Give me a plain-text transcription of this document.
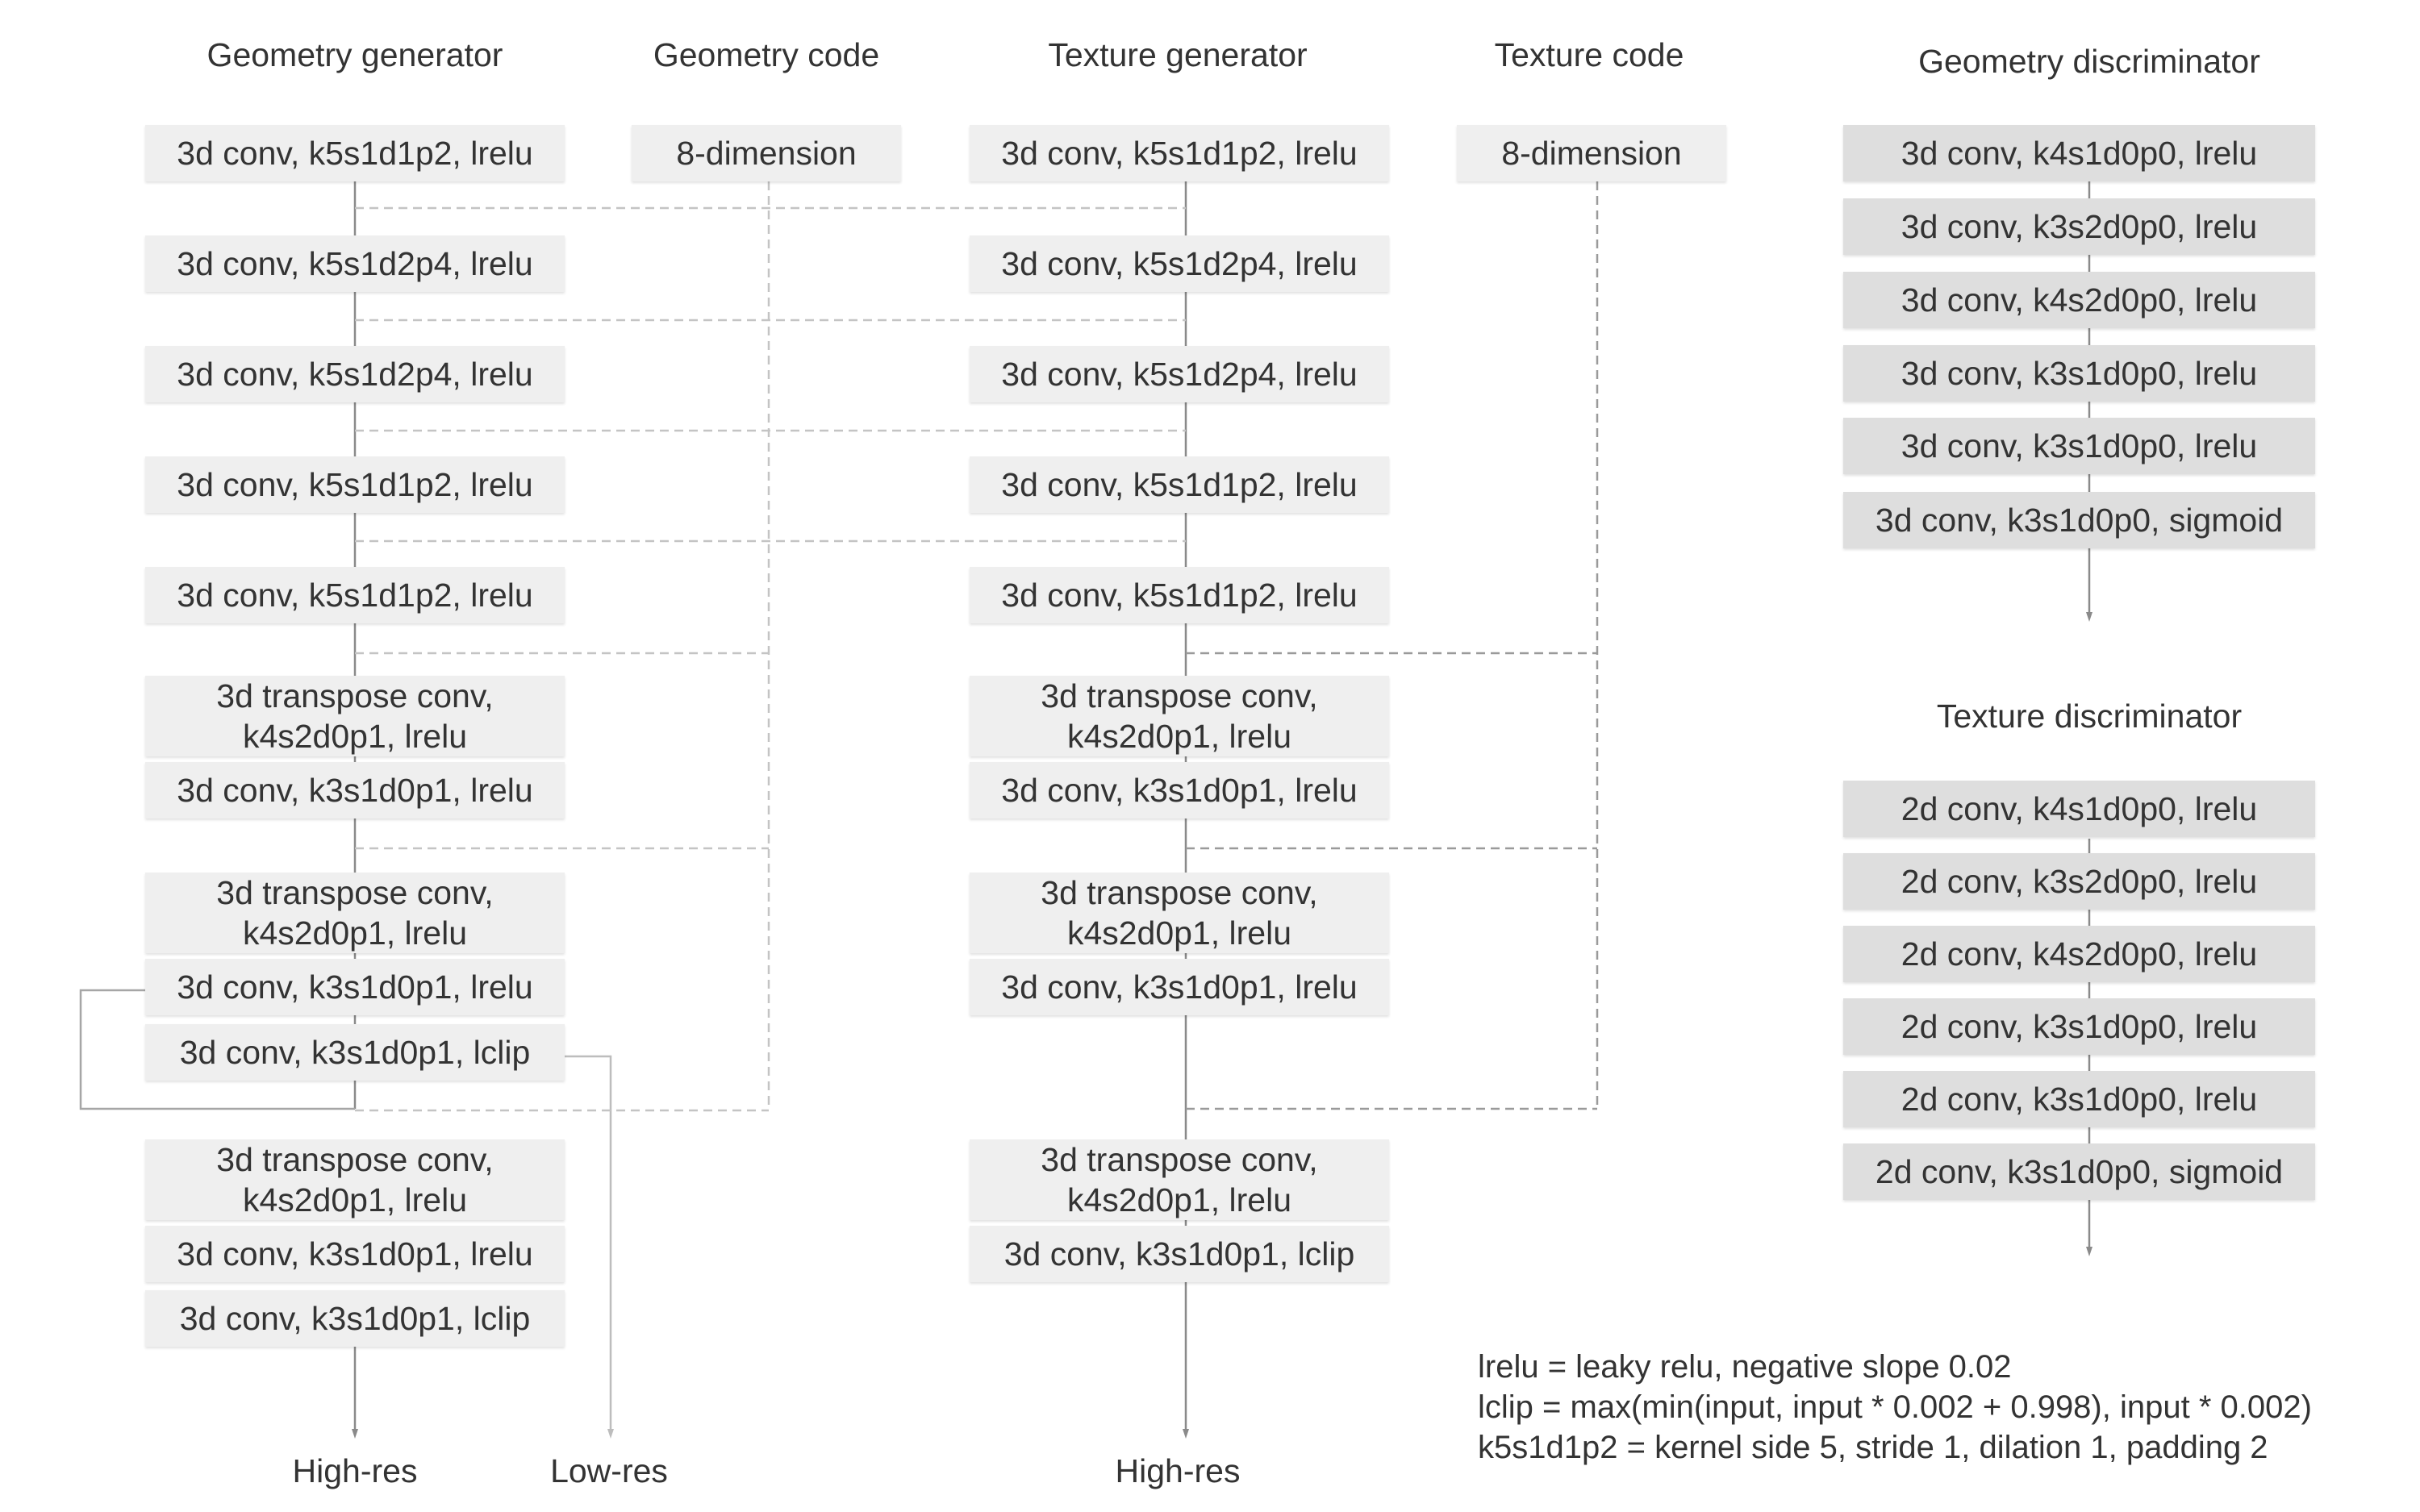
3d conv, k5s1d1p2, lrelu
3d conv, k5s1d2p4, lrelu
3d conv, k5s1d2p4, lrelu
3d conv, k5s1d1p2, lrelu
3d conv, k5s1d1p2, lrelu
3d transpose conv,
k4s2d0p1, lrelu
3d conv, k3s1d0p1, lrelu
3d transpose conv,
k4s2d0p1, lrelu
3d conv, k3s1d0p1, lrelu
3d conv, k3s1d0p1, lclip
3d transpose conv,
k4s2d0p1, lrelu
3d conv, k3s1d0p1, lrelu
3d conv, k3s1d0p1, lclip
3d conv, k5s1d1p2, lrelu
3d conv, k5s1d2p4, lrelu
3d conv, k5s1d2p4, lrelu
3d conv, k5s1d1p2, lrelu
3d conv, k5s1d1p2, lrelu
3d transpose conv,
k4s2d0p1, lrelu
3d conv, k3s1d0p1, lrelu
3d transpose conv,
k4s2d0p1, lrelu
3d conv, k3s1d0p1, lrelu
3d transpose conv,
k4s2d0p1, lrelu
3d conv, k3s1d0p1, lclip
8-dimension	8-dimension	3d conv, k4s1d0p0, lrelu
3d conv, k3s2d0p0, lrelu
3d conv, k4s2d0p0, lrelu
3d conv, k3s1d0p0, lrelu
3d conv, k3s1d0p0, lrelu
3d conv, k3s1d0p0, sigmoid
2d conv, k4s1d0p0, lrelu
2d conv, k3s2d0p0, lrelu
2d conv, k4s2d0p0, lrelu
2d conv, k3s1d0p0, lrelu
2d conv, k3s1d0p0, lrelu
2d conv, k3s1d0p0, sigmoid
Geometry generator	Geometry code	Texture generator	Texture code	Geometry discriminator
Texture discriminator
High-res	Low-res	High-res
lrelu = leaky relu, negative slope 0.02
lclip = max(min(input, input * 0.002 + 0.998), input * 0.002)
k5s1d1p2 = kernel side 5, stride 1, dilation 1, padding 2
